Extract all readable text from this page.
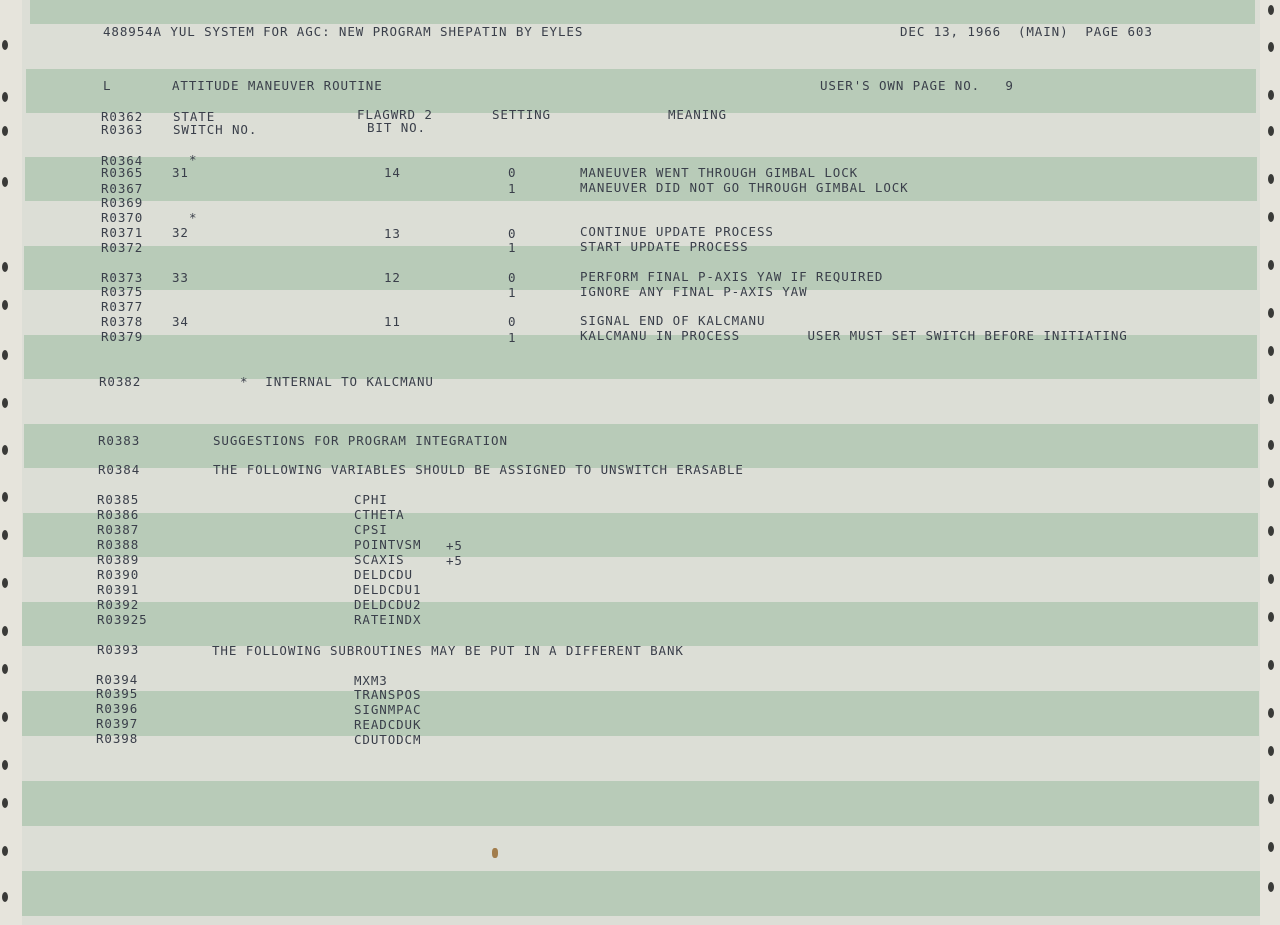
488954A YUL SYSTEM FOR AGC: NEW PROGRAM SHEPATIN BY EYLES	DEC 13, 1966  (MAIN)  PAGE 603
L	ATTITUDE MANEUVER ROUTINE	USER'S OWN PAGE NO.   9
R0362 STATE	FLAGWRD 2	SETTING	MEANING
R0363 SWITCH NO.	BIT NO.
R0364	*
R0365 31	14	0	MANEUVER WENT THROUGH GIMBAL LOCK
R0367	1	MANEUVER DID NOT GO THROUGH GIMBAL LOCK
R0369
R0370	*
R0371 32	13	0	CONTINUE UPDATE PROCESS
R0372	1	START UPDATE PROCESS
R0373 33	12	0	PERFORM FINAL P-AXIS YAW IF REQUIRED
R0375	1	IGNORE ANY FINAL P-AXIS YAW
R0377
R0378 34	11	0	SIGNAL END OF KALCMANU
R0379	1	KALCMANU IN PROCESS        USER MUST SET SWITCH BEFORE INITIATING
R0382	*  INTERNAL TO KALCMANU
R0383	SUGGESTIONS FOR PROGRAM INTEGRATION
R0384	THE FOLLOWING VARIABLES SHOULD BE ASSIGNED TO UNSWITCH ERASABLE
R0385	CPHI
R0386	CTHETA
R0387	CPSI
R0388	POINTVSM +5
R0389	SCAXIS	+5
R0390	DELDCDU
R0391	DELDCDU1
R0392	DELDCDU2
R03925	RATEINDX
R0393	THE FOLLOWING SUBROUTINES MAY BE PUT IN A DIFFERENT BANK
R0394	MXM3
R0395	TRANSPOS
R0396	SIGNMPAC
R0397	READCDUK
R0398	CDUTODCM
